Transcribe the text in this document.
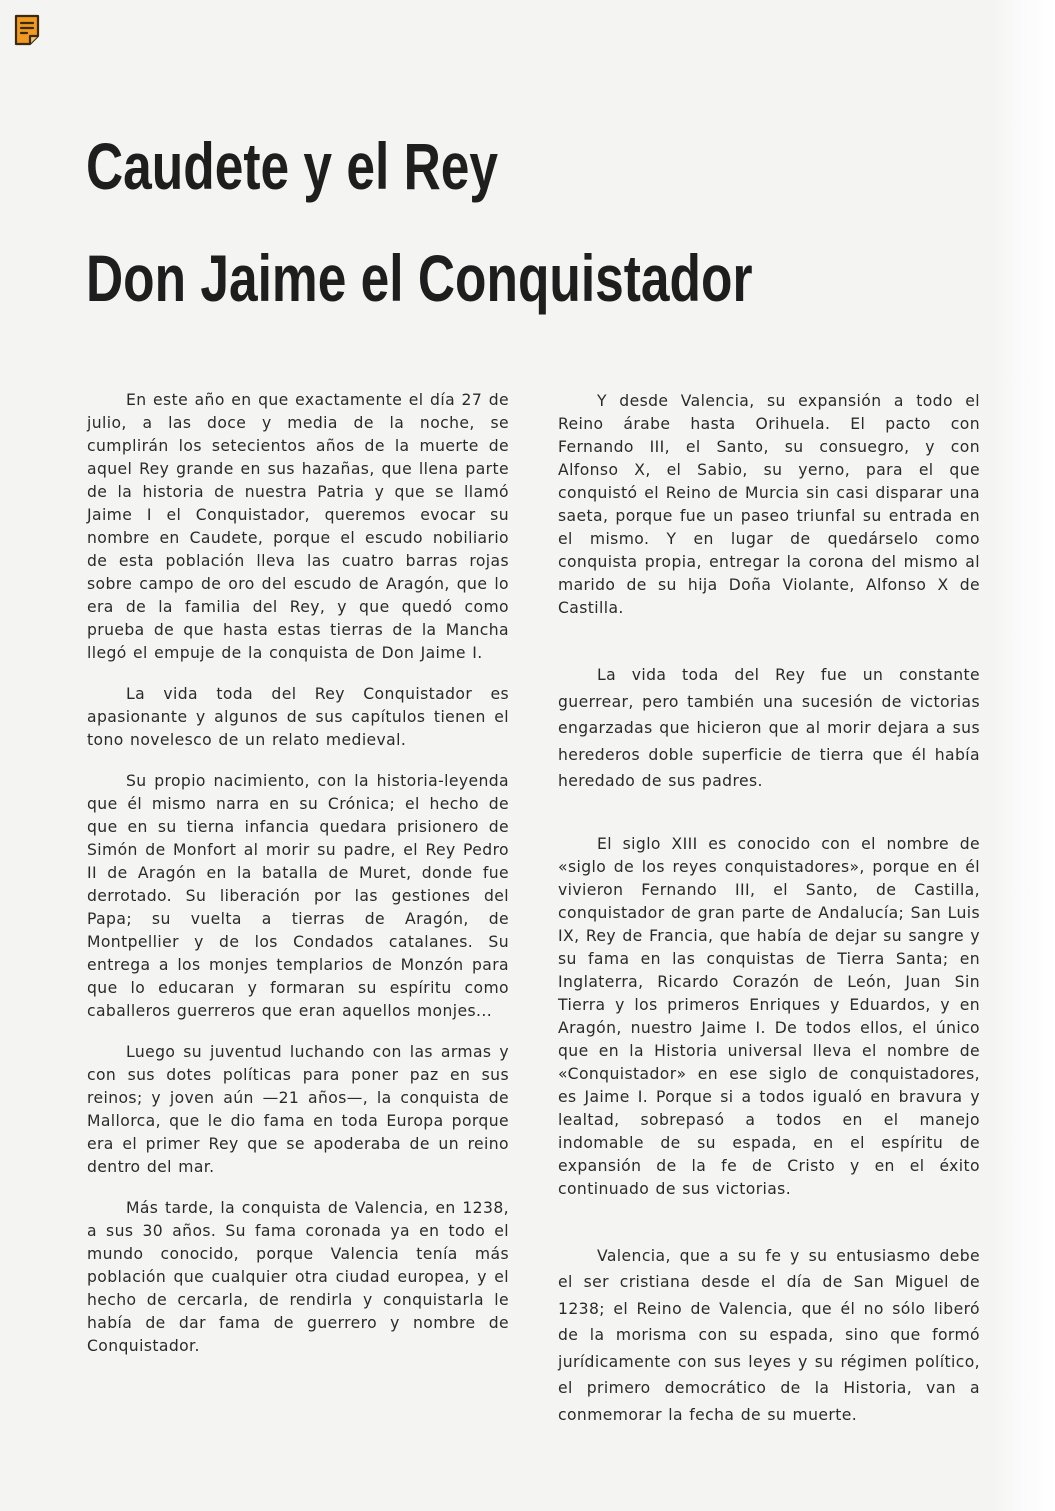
Caudete y el Rey
Don Jaime el Conquistador

En este año en que exactamente el día 27 de julio, a las doce y media de la noche, se cumplirán los setecientos años de la muerte de aquel Rey grande en sus hazañas, que llena parte de la historia de nuestra Patria y que se llamó Jaime I el Conquistador, queremos evocar su nombre en Caudete, porque el escudo nobiliario de esta población lleva las cuatro barras rojas sobre campo de oro del escudo de Aragón, que lo era de la familia del Rey, y que quedó como prueba de que hasta estas tierras de la Mancha llegó el empuje de la conquista de Don Jaime I.

La vida toda del Rey Conquistador es apasionante y algunos de sus capítulos tienen el tono novelesco de un relato medieval.

Su propio nacimiento, con la historia-leyenda que él mismo narra en su Crónica; el hecho de que en su tierna infancia quedara prisionero de Simón de Monfort al morir su padre, el Rey Pedro II de Aragón en la batalla de Muret, donde fue derrotado. Su liberación por las gestiones del Papa; su vuelta a tierras de Aragón, de Montpellier y de los Condados catalanes. Su entrega a los monjes templarios de Monzón para que lo educaran y formaran su espíritu como caballeros guerreros que eran aquellos monjes...

Luego su juventud luchando con las armas y con sus dotes políticas para poner paz en sus reinos; y joven aún —21 años—, la conquista de Mallorca, que le dio fama en toda Europa porque era el primer Rey que se apoderaba de un reino dentro del mar.

Más tarde, la conquista de Valencia, en 1238, a sus 30 años. Su fama coronada ya en todo el mundo conocido, porque Valencia tenía más población que cualquier otra ciudad europea, y el hecho de cercarla, de rendirla y conquistarla le había de dar fama de guerrero y nombre de Conquistador.

Y desde Valencia, su expansión a todo el Reino árabe hasta Orihuela. El pacto con Fernando III, el Santo, su consuegro, y con Alfonso X, el Sabio, su yerno, para el que conquistó el Reino de Murcia sin casi disparar una saeta, porque fue un paseo triunfal su entrada en el mismo. Y en lugar de quedárselo como conquista propia, entregar la corona del mismo al marido de su hija Doña Violante, Alfonso X de Castilla.

La vida toda del Rey fue un constante guerrear, pero también una sucesión de victorias engarzadas que hicieron que al morir dejara a sus herederos doble superficie de tierra que él había heredado de sus padres.

El siglo XIII es conocido con el nombre de «siglo de los reyes conquistadores», porque en él vivieron Fernando III, el Santo, de Castilla, conquistador de gran parte de Andalucía; San Luis IX, Rey de Francia, que había de dejar su sangre y su fama en las conquistas de Tierra Santa; en Inglaterra, Ricardo Corazón de León, Juan Sin Tierra y los primeros Enriques y Eduardos, y en Aragón, nuestro Jaime I. De todos ellos, el único que en la Historia universal lleva el nombre de «Conquistador» en ese siglo de conquistadores, es Jaime I. Porque si a todos igualó en bravura y lealtad, sobrepasó a todos en el manejo indomable de su espada, en el espíritu de expansión de la fe de Cristo y en el éxito continuado de sus victorias.

Valencia, que a su fe y su entusiasmo debe el ser cristiana desde el día de San Miguel de 1238; el Reino de Valencia, que él no sólo liberó de la morisma con su espada, sino que formó jurídicamente con sus leyes y su régimen político, el primero democrático de la Historia, van a conmemorar la fecha de su muerte.
